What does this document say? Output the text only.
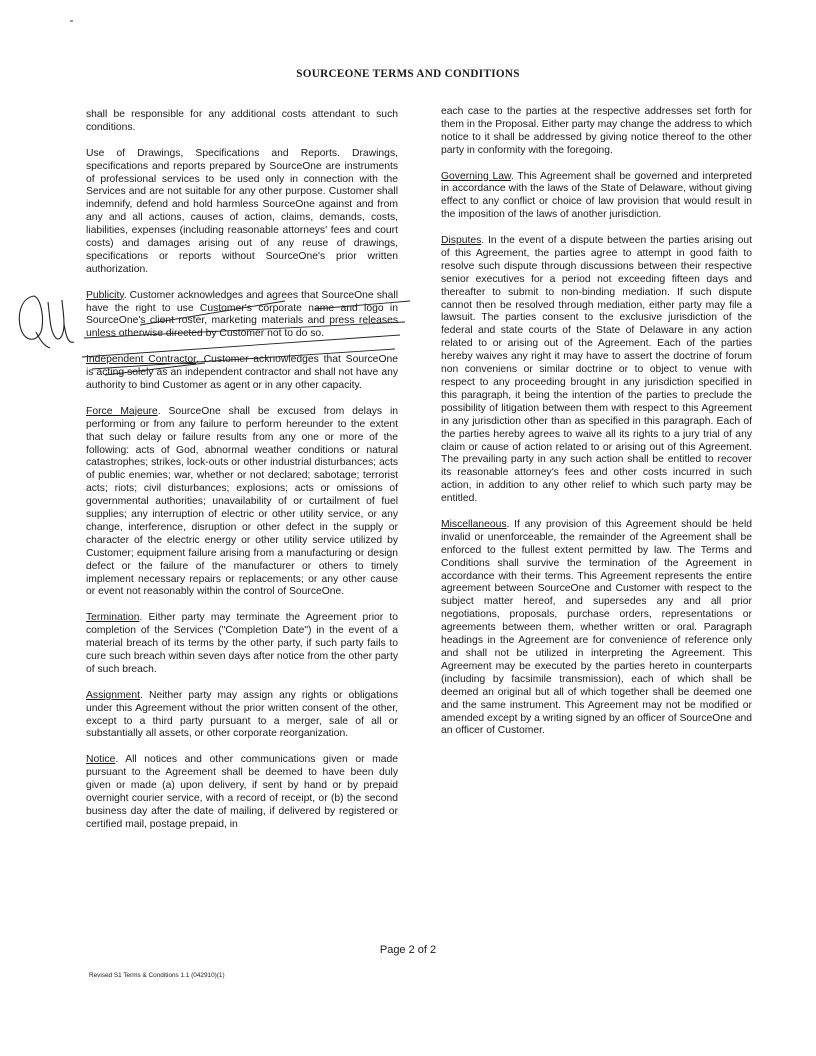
SOURCEONE TERMS AND CONDITIONS

shall be responsible for any additional costs attendant to such conditions.

Use of Drawings, Specifications and Reports. Drawings, specifications and reports prepared by SourceOne are instruments of professional services to be used only in connection with the Services and are not suitable for any other purpose. Customer shall indemnify, defend and hold harmless SourceOne against and from any and all actions, causes of action, claims, demands, costs, liabilities, expenses (including reasonable attorneys' fees and court costs) and damages arising out of any reuse of drawings, specifications or reports without SourceOne's prior written authorization.

Publicity. Customer acknowledges and agrees that SourceOne shall have the right to use Customer's corporate name and logo in SourceOne's client roster, marketing materials and press releases unless otherwise directed by Customer not to do so.

Independent Contractor. Customer acknowledges that SourceOne is acting solely as an independent contractor and shall not have any authority to bind Customer as agent or in any other capacity.

Force Majeure. SourceOne shall be excused from delays in performing or from any failure to perform hereunder to the extent that such delay or failure results from any one or more of the following: acts of God, abnormal weather conditions or natural catastrophes; strikes, lock-outs or other industrial disturbances; acts of public enemies; war, whether or not declared; sabotage; terrorist acts; riots; civil disturbances; explosions; acts or omissions of governmental authorities; unavailability of or curtailment of fuel supplies; any interruption of electric or other utility service, or any change, interference, disruption or other defect in the supply or character of the electric energy or other utility service utilized by Customer; equipment failure arising from a manufacturing or design defect or the failure of the manufacturer or others to timely implement necessary repairs or replacements; or any other cause or event not reasonably within the control of SourceOne.

Termination. Either party may terminate the Agreement prior to completion of the Services ("Completion Date") in the event of a material breach of its terms by the other party, if such party fails to cure such breach within seven days after notice from the other party of such breach.

Assignment. Neither party may assign any rights or obligations under this Agreement without the prior written consent of the other, except to a third party pursuant to a merger, sale of all or substantially all assets, or other corporate reorganization.

Notice. All notices and other communications given or made pursuant to the Agreement shall be deemed to have been duly given or made (a) upon delivery, if sent by hand or by prepaid overnight courier service, with a record of receipt, or (b) the second business day after the date of mailing, if delivered by registered or certified mail, postage prepaid, in

each case to the parties at the respective addresses set forth for them in the Proposal. Either party may change the address to which notice to it shall be addressed by giving notice thereof to the other party in conformity with the foregoing.

Governing Law. This Agreement shall be governed and interpreted in accordance with the laws of the State of Delaware, without giving effect to any conflict or choice of law provision that would result in the imposition of the laws of another jurisdiction.

Disputes. In the event of a dispute between the parties arising out of this Agreement, the parties agree to attempt in good faith to resolve such dispute through discussions between their respective senior executives for a period not exceeding fifteen days and thereafter to submit to non-binding mediation. If such dispute cannot then be resolved through mediation, either party may file a lawsuit. The parties consent to the exclusive jurisdiction of the federal and state courts of the State of Delaware in any action related to or arising out of the Agreement. Each of the parties hereby waives any right it may have to assert the doctrine of forum non conveniens or similar doctrine or to object to venue with respect to any proceeding brought in any jurisdiction specified in this paragraph, it being the intention of the parties to preclude the possibility of litigation between them with respect to this Agreement in any jurisdiction other than as specified in this paragraph. Each of the parties hereby agrees to waive all its rights to a jury trial of any claim or cause of action related to or arising out of this Agreement. The prevailing party in any such action shall be entitled to recover its reasonable attorney's fees and other costs incurred in such action, in addition to any other relief to which such party may be entitled.

Miscellaneous. If any provision of this Agreement should be held invalid or unenforceable, the remainder of the Agreement shall be enforced to the fullest extent permitted by law. The Terms and Conditions shall survive the termination of the Agreement in accordance with their terms. This Agreement represents the entire agreement between SourceOne and Customer with respect to the subject matter hereof, and supersedes any and all prior negotiations, proposals, purchase orders, representations or agreements between them, whether written or oral. Paragraph headings in the Agreement are for convenience of reference only and shall not be utilized in interpreting the Agreement. This Agreement may be executed by the parties hereto in counterparts (including by facsimile transmission), each of which shall be deemed an original but all of which together shall be deemed one and the same instrument. This Agreement may not be modified or amended except by a writing signed by an officer of SourceOne and an officer of Customer.

Page 2 of 2
Revised S1 Terms & Conditions 1.1 (042910)(1)
